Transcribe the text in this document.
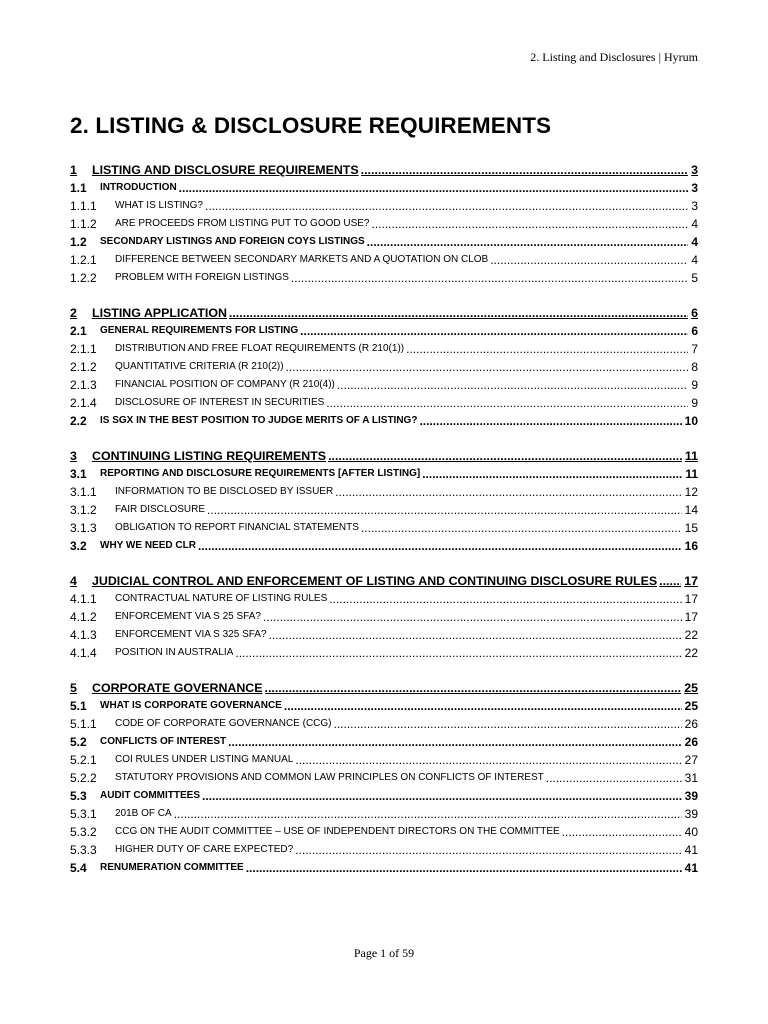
2. Listing and Disclosures | Hyrum
2. LISTING & DISCLOSURE REQUIREMENTS
1	LISTING AND DISCLOSURE REQUIREMENTS .....	3
1.1	INTRODUCTION .....	3
1.1.1	WHAT IS LISTING? .....	3
1.1.2	ARE PROCEEDS FROM LISTING PUT TO GOOD USE? .....	4
1.2	SECONDARY LISTINGS AND FOREIGN COYS LISTINGS .....	4
1.2.1	DIFFERENCE BETWEEN SECONDARY MARKETS AND A QUOTATION ON CLOB .....	4
1.2.2	PROBLEM WITH FOREIGN LISTINGS .....	5
2	LISTING APPLICATION .....	6
2.1	GENERAL REQUIREMENTS FOR LISTING .....	6
2.1.1	DISTRIBUTION AND FREE FLOAT REQUIREMENTS (R 210(1)) .....	7
2.1.2	QUANTITATIVE CRITERIA (R 210(2)) .....	8
2.1.3	FINANCIAL POSITION OF COMPANY (R 210(4)) .....	9
2.1.4	DISCLOSURE OF INTEREST IN SECURITIES .....	9
2.2	IS SGX IN THE BEST POSITION TO JUDGE MERITS OF A LISTING? .....	10
3	CONTINUING LISTING REQUIREMENTS .....	11
3.1	REPORTING AND DISCLOSURE REQUIREMENTS [AFTER LISTING] .....	11
3.1.1	INFORMATION TO BE DISCLOSED BY ISSUER .....	12
3.1.2	FAIR DISCLOSURE .....	14
3.1.3	OBLIGATION TO REPORT FINANCIAL STATEMENTS .....	15
3.2	WHY WE NEED CLR .....	16
4	JUDICIAL CONTROL AND ENFORCEMENT OF LISTING AND CONTINUING DISCLOSURE RULES ..... 17
4.1.1	CONTRACTUAL NATURE OF LISTING RULES .....	17
4.1.2	ENFORCEMENT VIA S 25 SFA? .....	17
4.1.3	ENFORCEMENT VIA S 325 SFA? .....	22
4.1.4	POSITION IN AUSTRALIA .....	22
5	CORPORATE GOVERNANCE .....	25
5.1	WHAT IS CORPORATE GOVERNANCE .....	25
5.1.1	CODE OF CORPORATE GOVERNANCE (CCG) .....	26
5.2	CONFLICTS OF INTEREST .....	26
5.2.1	COI RULES UNDER LISTING MANUAL .....	27
5.2.2	STATUTORY PROVISIONS AND COMMON LAW PRINCIPLES ON CONFLICTS OF INTEREST .....	31
5.3	AUDIT COMMITTEES .....	39
5.3.1	201B OF CA .....	39
5.3.2	CCG ON THE AUDIT COMMITTEE – USE OF INDEPENDENT DIRECTORS ON THE COMMITTEE .....	40
5.3.3	HIGHER DUTY OF CARE EXPECTED? .....	41
5.4	RENUMERATION COMMITTEE .....	41
Page 1 of 59
